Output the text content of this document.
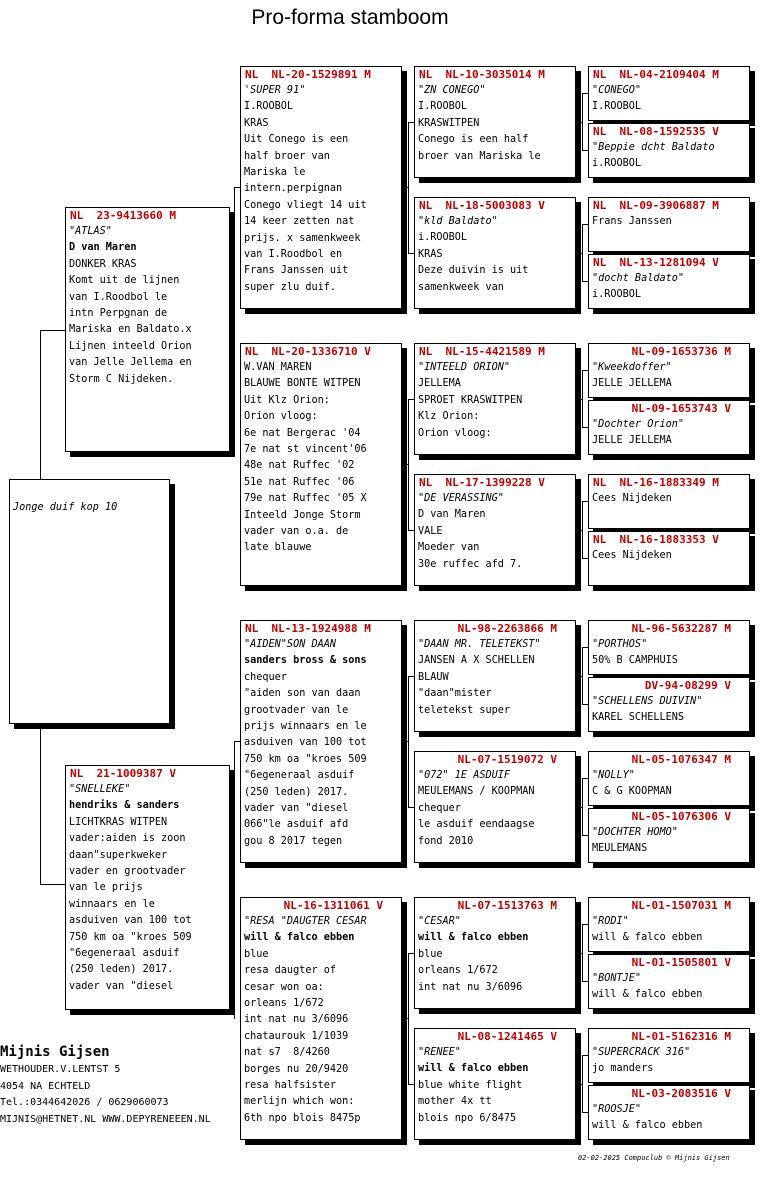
Pro-forma stamboom
Jonge duif kop 10
NL  23-9413660 M
"ATLAS"
D van Maren
DONKER KRAS
Komt uit de lijnen
van I.Roodbol le
intn Perpgnan de
Mariska en Baldato.x
Lijnen inteeld Orion
van Jelle Jellema en
Storm C Nijdeken.
NL  21-1009387 V
"SNELLEKE"
hendriks & sanders
LICHTKRAS WITPEN
vader:aiden is zoon
daan"superkweker
vader en grootvader
van le prijs
winnaars en le
asduiven van 100 tot
750 km oa "kroes 509
"6egeneraal asduif
(250 leden) 2017.
vader van "diesel
NL  NL-20-1529891 M
'SUPER 91"
I.ROOBOL
KRAS
Uit Conego is een
half broer van
Mariska le
intern.perpignan
Conego vliegt 14 uit
14 keer zetten nat
prijs. x samenkweek
van I.Roodbol en
Frans Janssen uit
super zlu duif.
NL  NL-20-1336710 V
W.VAN MAREN
BLAUWE BONTE WITPEN
Uit Klz Orion:
Orion vloog:
6e nat Bergerac '04
7e nat st vincent'06
48e nat Ruffec '02
51e nat Ruffec '06
79e nat Ruffec '05 X
Inteeld Jonge Storm
vader van o.a. de
late blauwe
NL  NL-13-1924988 M
"AIDEN"SON DAAN
sanders bross & sons
chequer
"aiden son van daan
grootvader van le
prijs winnaars en le
asduiven van 100 tot
750 km oa "kroes 509
"6egeneraal asduif
(250 leden) 2017.
vader van "diesel
066"le asduif afd
gou 8 2017 tegen
NL-16-1311061 V
"RESA "DAUGTER CESAR
will & falco ebben
blue
resa daugter of
cesar won oa:
orleans 1/672
int nat nu 3/6096
chataurouk 1/1039
nat s7  8/4260
borges nu 20/9420
resa halfsister
merlijn which won:
6th npo blois 8475p
NL  NL-10-3035014 M
"ZN CONEGO"
I.ROOBOL
KRASWITPEN
Conego is een half
broer van Mariska le
NL  NL-18-5003083 V
"kld Baldato"
i.ROOBOL
KRAS
Deze duivin is uit
samenkweek van
NL  NL-15-4421589 M
"INTEELD ORION"
JELLEMA
SPROET KRASWITPEN
Klz Orion:
Orion vloog:
NL  NL-17-1399228 V
"DE VERASSING"
D van Maren
VALE
Moeder van
30e ruffec afd 7.
NL-98-2263866 M
"DAAN MR. TELETEKST"
JANSEN A X SCHELLEN
BLAUW
"daan"mister
teletekst super
NL-07-1519072 V
"072" 1E ASDUIF
MEULEMANS / KOOPMAN
chequer
le asduif eendaagse
fond 2010
NL-07-1513763 M
"CESAR"
will & falco ebben
blue
orleans 1/672
int nat nu 3/6096
NL-08-1241465 V
"RENEE"
will & falco ebben
blue white flight
mother 4x tt
blois npo 6/8475
NL  NL-04-2109404 M
"CONEGO"
I.ROOBOL
NL  NL-08-1592535 V
"Beppie dcht Baldato
i.ROOBOL
NL  NL-09-3906887 M
Frans Janssen
NL  NL-13-1281094 V
"docht Baldato"
i.ROOBOL
NL-09-1653736 M
"Kweekdoffer"
JELLE JELLEMA
NL-09-1653743 V
"Dochter Orion"
JELLE JELLEMA
NL  NL-16-1883349 M
Cees Nijdeken
NL  NL-16-1883353 V
Cees Nijdeken
NL-96-5632287 M
"PORTHOS"
50% B CAMPHUIS
DV-94-08299 V
"SCHELLENS DUIVIN"
KAREL SCHELLENS
NL-05-1076347 M
"NOLLY"
C & G KOOPMAN
NL-05-1076306 V
"DOCHTER HOMO"
MEULEMANS
NL-01-1507031 M
"RODI"
will & falco ebben
NL-01-1505801 V
"BONTJE"
will & falco ebben
NL-01-5162316 M
"SUPERCRACK 316"
jo manders
NL-03-2083516 V
"ROOSJE"
will & falco ebben
Mijnis Gijsen
WETHOUDER.V.LENTST 5
4054 NA ECHTELD
Tel.:0344642026 / 0629060073
MIJNIS@HETNET.NL WWW.DEPYRENEEEN.NL
02-02-2025 Compuclub © Mijnis Gijsen
